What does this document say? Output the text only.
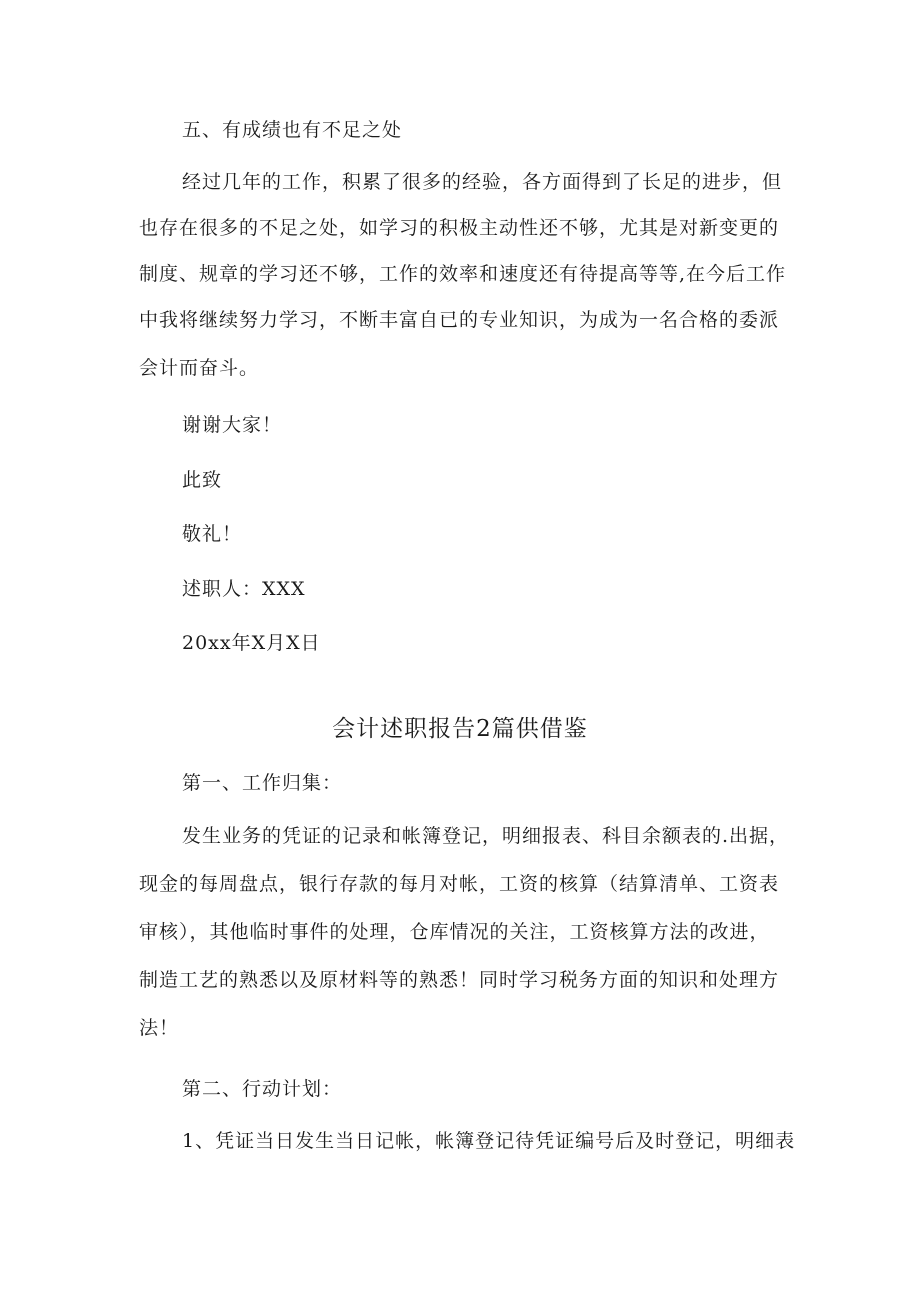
五、有成绩也有不足之处
经过几年的工作，积累了很多的经验，各方面得到了长足的进步，但
也存在很多的不足之处，如学习的积极主动性还不够，尤其是对新变更的
制度、规章的学习还不够，工作的效率和速度还有待提高等等,在今后工作
中我将继续努力学习，不断丰富自已的专业知识，为成为一名合格的委派
会计而奋斗。
谢谢大家！
此致
敬礼！
述职人：XXX
20xx年X月X日
会计述职报告2篇供借鉴
第一、工作归集：
发生业务的凭证的记录和帐簿登记，明细报表、科目余额表的.出据，
现金的每周盘点，银行存款的每月对帐，工资的核算（结算清单、工资表
审核），其他临时事件的处理，仓库情况的关注，工资核算方法的改进，
制造工艺的熟悉以及原材料等的熟悉！同时学习税务方面的知识和处理方
法！
第二、行动计划：
1、凭证当日发生当日记帐，帐簿登记待凭证编号后及时登记，明细表
